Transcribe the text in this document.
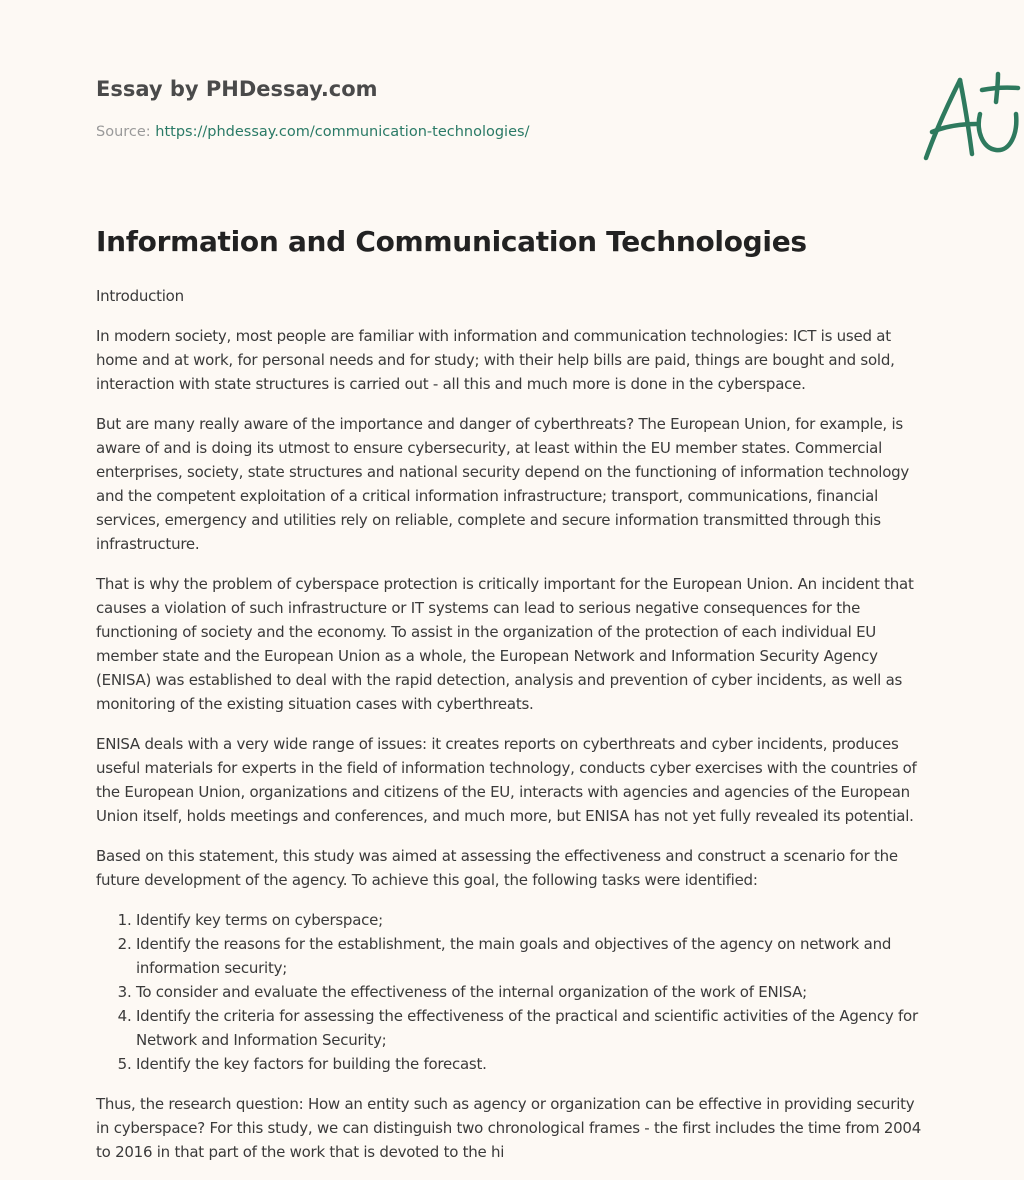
Essay by PHDessay.com
Source: https://phdessay.com/communication-technologies/
Information and Communication Technologies

Introduction

In modern society, most people are familiar with information and communication technologies: ICT is used at home and at work, for personal needs and for study; with their help bills are paid, things are bought and sold, interaction with state structures is carried out - all this and much more is done in the cyberspace.

But are many really aware of the importance and danger of cyberthreats? The European Union, for example, is aware of and is doing its utmost to ensure cybersecurity, at least within the EU member states. Commercial enterprises, society, state structures and national security depend on the functioning of information technology and the competent exploitation of a critical information infrastructure; transport, communications, financial services, emergency and utilities rely on reliable, complete and secure information transmitted through this infrastructure.

That is why the problem of cyberspace protection is critically important for the European Union. An incident that causes a violation of such infrastructure or IT systems can lead to serious negative consequences for the functioning of society and the economy. To assist in the organization of the protection of each individual EU member state and the European Union as a whole, the European Network and Information Security Agency (ENISA) was established to deal with the rapid detection, analysis and prevention of cyber incidents, as well as monitoring of the existing situation cases with cyberthreats.

ENISA deals with a very wide range of issues: it creates reports on cyberthreats and cyber incidents, produces useful materials for experts in the field of information technology, conducts cyber exercises with the countries of the European Union, organizations and citizens of the EU, interacts with agencies and agencies of the European Union itself, holds meetings and conferences, and much more, but ENISA has not yet fully revealed its potential.

Based on this statement, this study was aimed at assessing the effectiveness and construct a scenario for the future development of the agency. To achieve this goal, the following tasks were identified:

1. Identify key terms on cyberspace;
2. Identify the reasons for the establishment, the main goals and objectives of the agency on network and information security;
3. To consider and evaluate the effectiveness of the internal organization of the work of ENISA;
4. Identify the criteria for assessing the effectiveness of the practical and scientific activities of the Agency for Network and Information Security;
5. Identify the key factors for building the forecast.

Thus, the research question: How an entity such as agency or organization can be effective in providing security in cyberspace? For this study, we can distinguish two chronological frames - the first includes the time from 2004 to 2016 in that part of the work that is devoted to the hi
